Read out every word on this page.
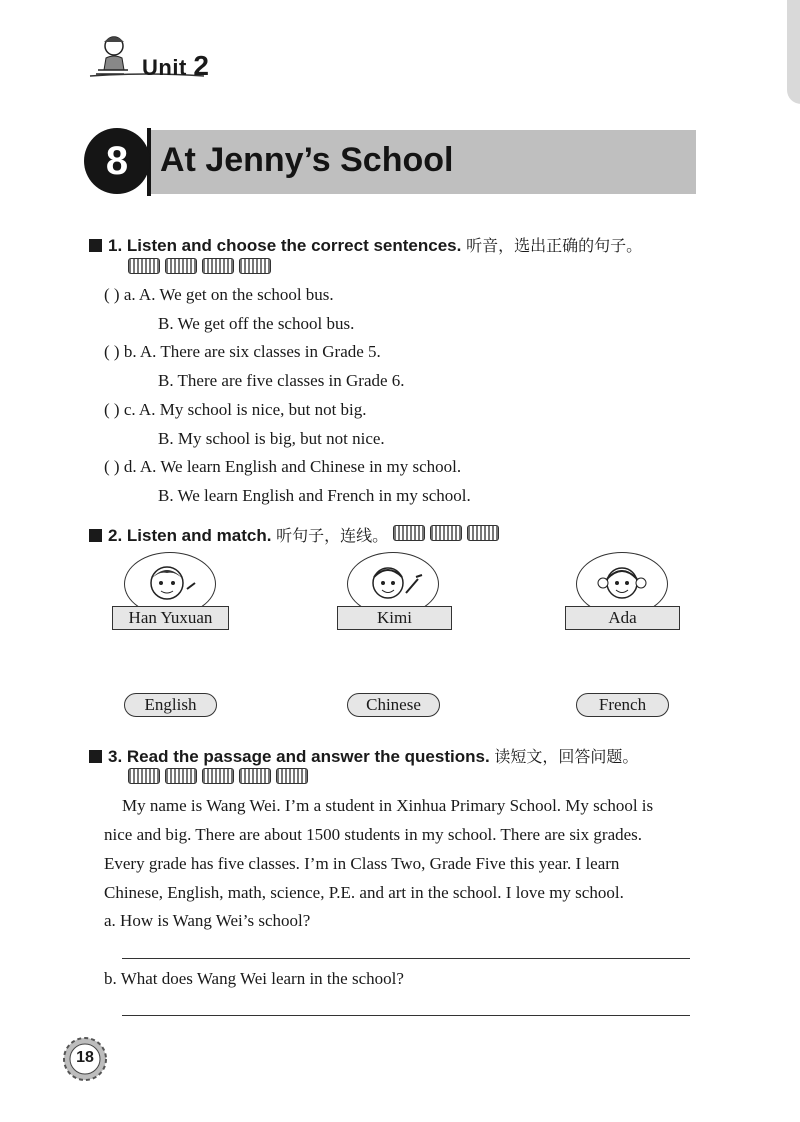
Unit 2
8 At Jenny’s School
1. Listen and choose the correct sentences. 听音，选出正确的句子。
( ) a. A. We get on the school bus.
B. We get off the school bus.
( ) b. A. There are six classes in Grade 5.
B. There are five classes in Grade 6.
( ) c. A. My school is nice, but not big.
B. My school is big, but not nice.
( ) d. A. We learn English and Chinese in my school.
B. We learn English and French in my school.
2. Listen and match. 听句子，连线。
Han Yuxuan	Kimi	Ada
English	Chinese	French
3. Read the passage and answer the questions. 读短文，回答问题。
My name is Wang Wei. I’m a student in Xinhua Primary School. My school is
nice and big. There are about 1500 students in my school. There are six grades.
Every grade has five classes. I’m in Class Two, Grade Five this year. I learn
Chinese, English, math, science, P.E. and art in the school. I love my school.
a. How is Wang Wei’s school?
b. What does Wang Wei learn in the school?
18
